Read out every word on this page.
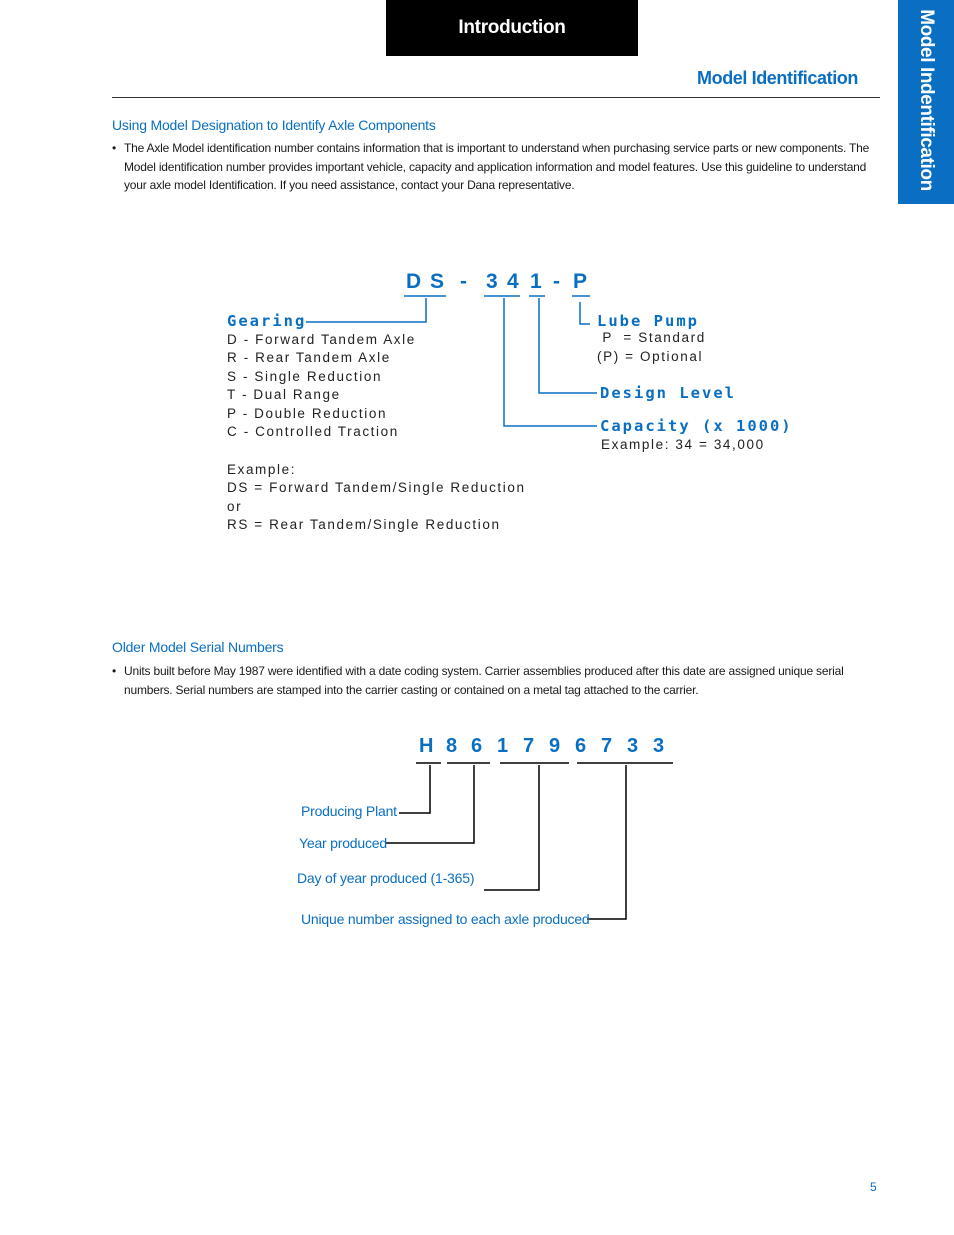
Introduction
Model Identification	Model Indentification
Using Model Designation to Identify Axle Components
• The Axle Model identification number contains information that is important to understand when purchasing service parts or new components. The Model identification number provides important vehicle, capacity and application information and model features. Use this guideline to understand your axle model Identification. If you need assistance, contact your Dana representative.
D S - 3 4 1 - P
Gearing
D - Forward Tandem Axle
R - Rear Tandem Axle
S - Single Reduction
T - Dual Range
P - Double Reduction
C - Controlled Traction
Example:
DS = Forward Tandem/Single Reduction
or
RS = Rear Tandem/Single Reduction
Lube Pump
P  = Standard
(P) = Optional
Design Level
Capacity (x 1000)
Example: 34 = 34,000
Older Model Serial Numbers
• Units built before May 1987 were identified with a date coding system. Carrier assemblies produced after this date are assigned unique serial numbers. Serial numbers are stamped into the carrier casting or contained on a metal tag attached to the carrier.
H 8 6 1 7 9 6 7 3 3
Producing Plant
Year produced
Day of year produced (1-365)
Unique number assigned to each axle produced
5
